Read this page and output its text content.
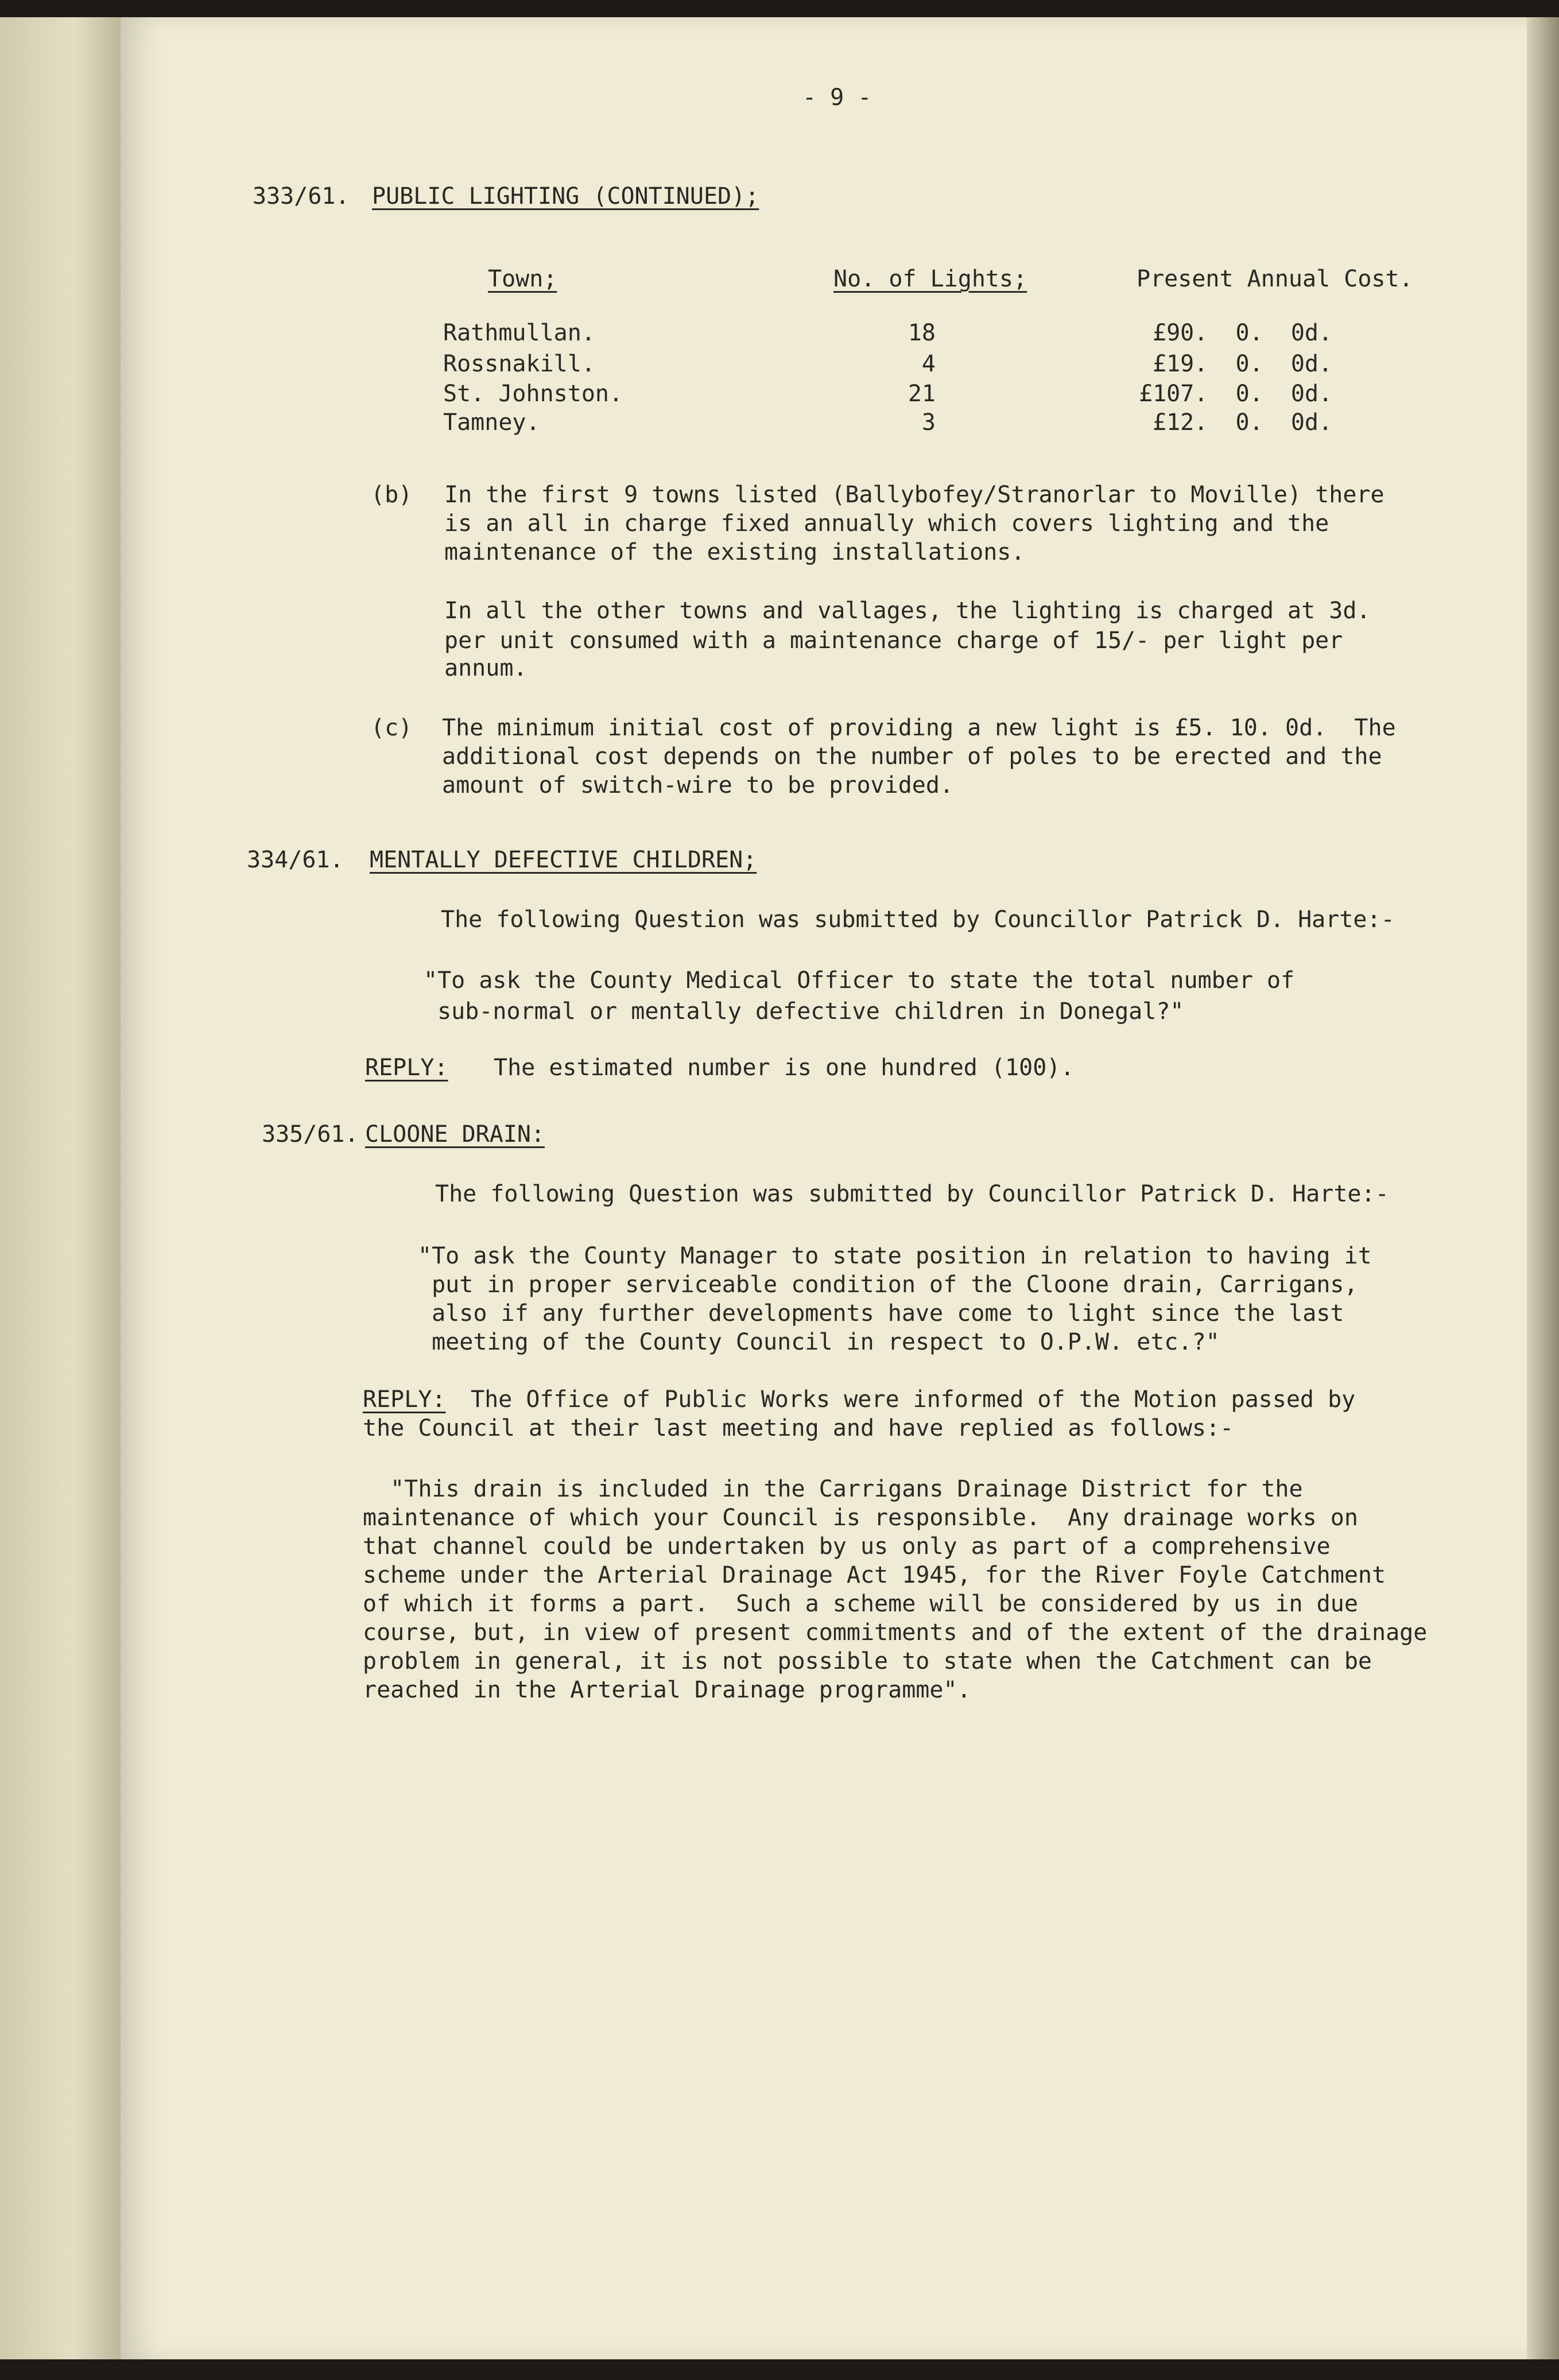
- 9 -
333/61. PUBLIC LIGHTING (CONTINUED);
Town;	No. of Lights;	Present Annual Cost.
Rathmullan.	18	£90.  0.  0d.
Rossnakill.	4	£19.  0.  0d.
St. Johnston.	21	£107.  0.  0d.
Tamney.	3	£12.  0.  0d.
(b) In the first 9 towns listed (Ballybofey/Stranorlar to Moville) there
is an all in charge fixed annually which covers lighting and the
maintenance of the existing installations.
In all the other towns and vallages, the lighting is charged at 3d.
per unit consumed with a maintenance charge of 15/- per light per
annum.
(c) The minimum initial cost of providing a new light is £5. 10. 0d.  The
additional cost depends on the number of poles to be erected and the
amount of switch-wire to be provided.
334/61. MENTALLY DEFECTIVE CHILDREN;
The following Question was submitted by Councillor Patrick D. Harte:-
"To ask the County Medical Officer to state the total number of
sub-normal or mentally defective children in Donegal?"
REPLY: The estimated number is one hundred (100).
335/61. CLOONE DRAIN:
The following Question was submitted by Councillor Patrick D. Harte:-
"To ask the County Manager to state position in relation to having it
put in proper serviceable condition of the Cloone drain, Carrigans,
also if any further developments have come to light since the last
meeting of the County Council in respect to O.P.W. etc.?"
REPLY: The Office of Public Works were informed of the Motion passed by
the Council at their last meeting and have replied as follows:-
"This drain is included in the Carrigans Drainage District for the
maintenance of which your Council is responsible.  Any drainage works on
that channel could be undertaken by us only as part of a comprehensive
scheme under the Arterial Drainage Act 1945, for the River Foyle Catchment
of which it forms a part.  Such a scheme will be considered by us in due
course, but, in view of present commitments and of the extent of the drainage
problem in general, it is not possible to state when the Catchment can be
reached in the Arterial Drainage programme".
